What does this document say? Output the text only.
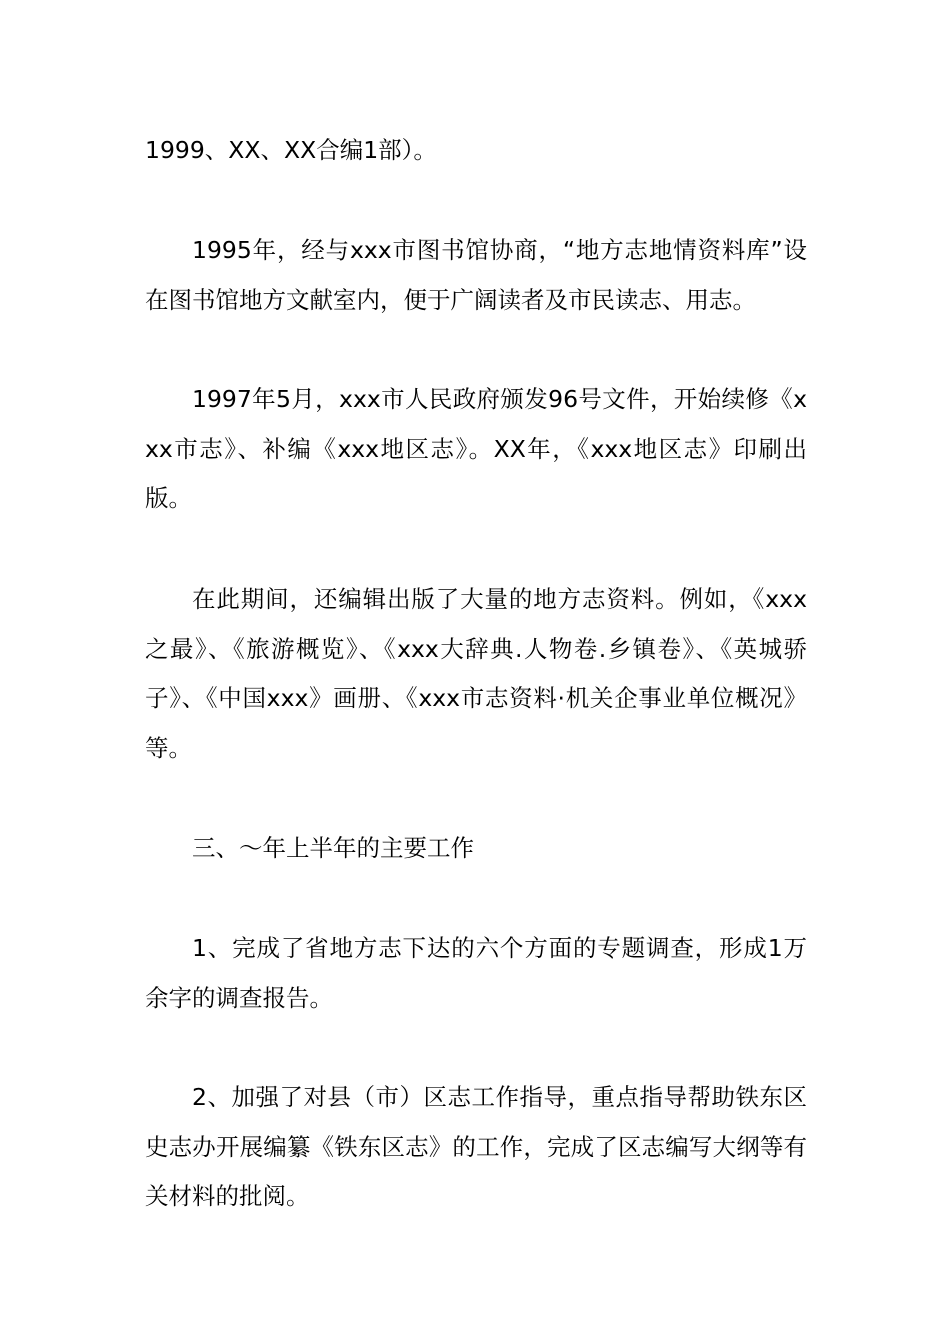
1999、XX、XX合编1部）。

1995年，经与xxx市图书馆协商，“地方志地情资料库”设在图书馆地方文献室内，便于广阔读者及市民读志、用志。

1997年5月，xxx市人民政府颁发96号文件，开始续修《xxx市志》、补编《xxx地区志》。XX年，《xxx地区志》印刷出版。

在此期间，还编辑出版了大量的地方志资料。例如，《xxx之最》、《旅游概览》、《xxx大辞典.人物卷.乡镇卷》、《英城骄子》、《中国xxx》画册、《xxx市志资料·机关企事业单位概况》等。

三、～年上半年的主要工作

1、完成了省地方志下达的六个方面的专题调查，形成1万余字的调查报告。

2、加强了对县（市）区志工作指导，重点指导帮助铁东区史志办开展编纂《铁东区志》的工作，完成了区志编写大纲等有关材料的批阅。
